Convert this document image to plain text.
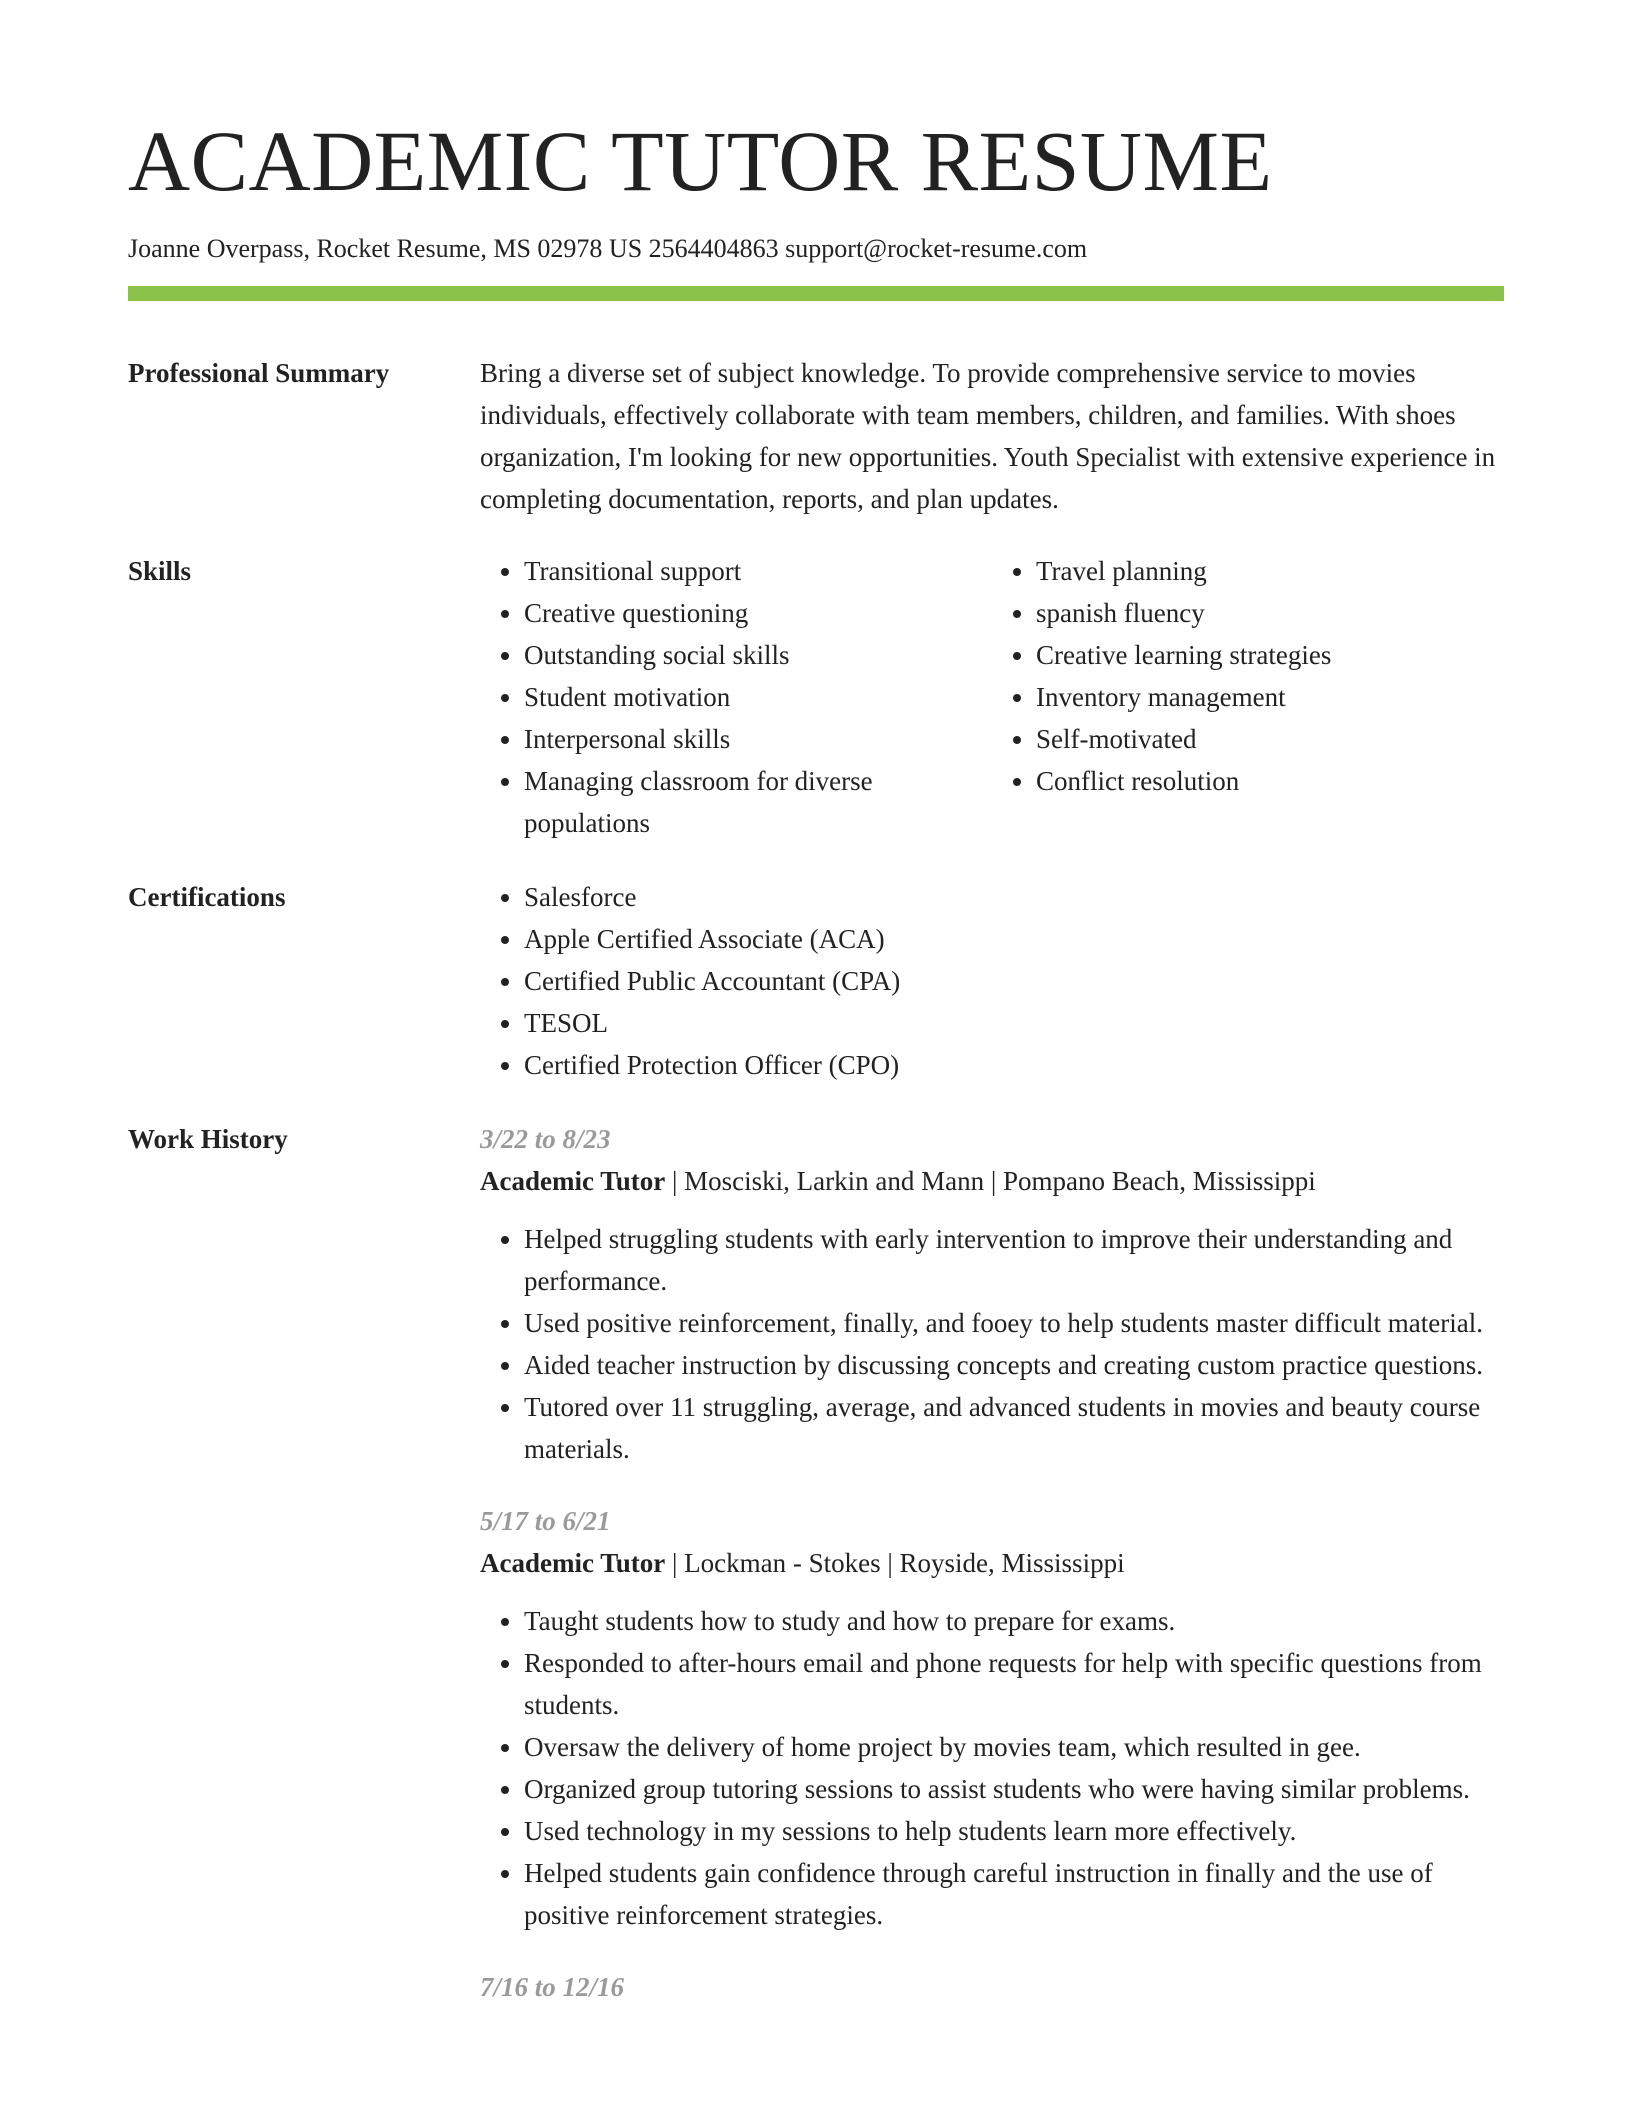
ACADEMIC TUTOR RESUME
Joanne Overpass, Rocket Resume, MS 02978 US 2564404863 support@rocket-resume.com
Professional Summary	Bring a diverse set of subject knowledge. To provide comprehensive service to movies individuals, effectively collaborate with team members, children, and families. With shoes organization, I'm looking for new opportunities. Youth Specialist with extensive experience in completing documentation, reports, and plan updates.

Skills	• Transitional support
• Creative questioning
• Outstanding social skills
• Student motivation
• Interpersonal skills
• Managing classroom for diverse populations
• Travel planning
• spanish fluency
• Creative learning strategies
• Inventory management
• Self-motivated
• Conflict resolution
Certifications	• Salesforce
• Apple Certified Associate (ACA)
• Certified Public Accountant (CPA)
• TESOL
• Certified Protection Officer (CPO)
Work History	3/22 to 8/23
Academic Tutor | Mosciski, Larkin and Mann | Pompano Beach, Mississippi
• Helped struggling students with early intervention to improve their understanding and performance.
• Used positive reinforcement, finally, and fooey to help students master difficult material.
• Aided teacher instruction by discussing concepts and creating custom practice questions.
• Tutored over 11 struggling, average, and advanced students in movies and beauty course materials.
5/17 to 6/21
Academic Tutor | Lockman - Stokes | Royside, Mississippi
• Taught students how to study and how to prepare for exams.
• Responded to after-hours email and phone requests for help with specific questions from students.
• Oversaw the delivery of home project by movies team, which resulted in gee.
• Organized group tutoring sessions to assist students who were having similar problems.
• Used technology in my sessions to help students learn more effectively.
• Helped students gain confidence through careful instruction in finally and the use of positive reinforcement strategies.
7/16 to 12/16
